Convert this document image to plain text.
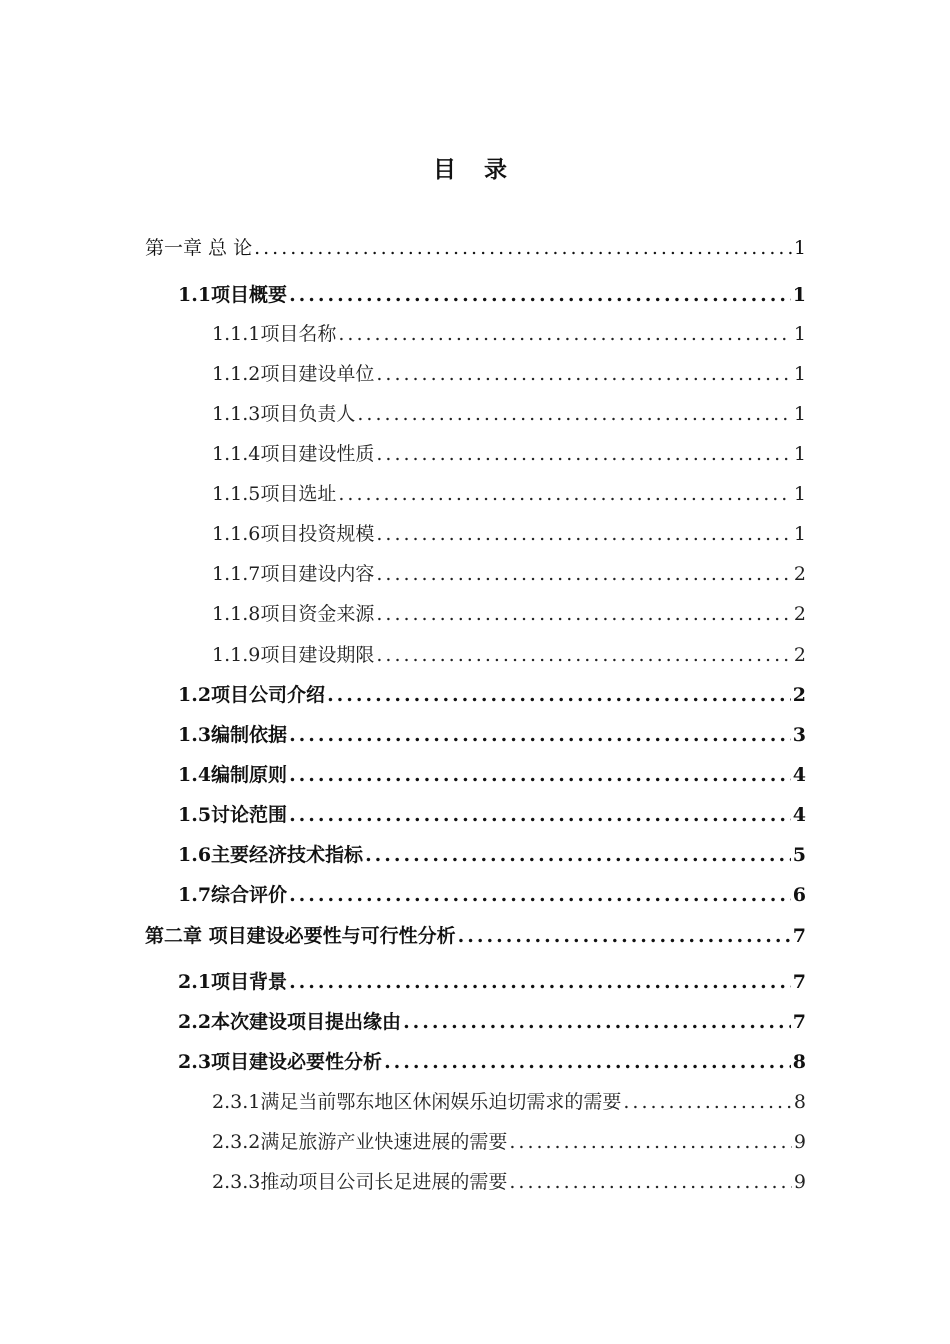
目 录
第一章 总 论 .....	1
1.1项目概要 .....	1
1.1.1项目名称 .....	1
1.1.2项目建设单位 .....	1
1.1.3项目负责人 .....	1
1.1.4项目建设性质 .....	1
1.1.5项目选址 .....	1
1.1.6项目投资规模 .....	1
1.1.7项目建设内容 .....	2
1.1.8项目资金来源 .....	2
1.1.9项目建设期限 .....	2
1.2项目公司介绍 .....	2
1.3编制依据 .....	3
1.4编制原则 .....	4
1.5讨论范围 .....	4
1.6主要经济技术指标 .....	5
1.7综合评价 .....	6
第二章 项目建设必要性与可行性分析 .....	7
2.1项目背景 .....	7
2.2本次建设项目提出缘由 .....	7
2.3项目建设必要性分析 .....	8
2.3.1满足当前鄂东地区休闲娱乐迫切需求的需要 .....	8
2.3.2满足旅游产业快速进展的需要 .....	9
2.3.3推动项目公司长足进展的需要 .....	9
